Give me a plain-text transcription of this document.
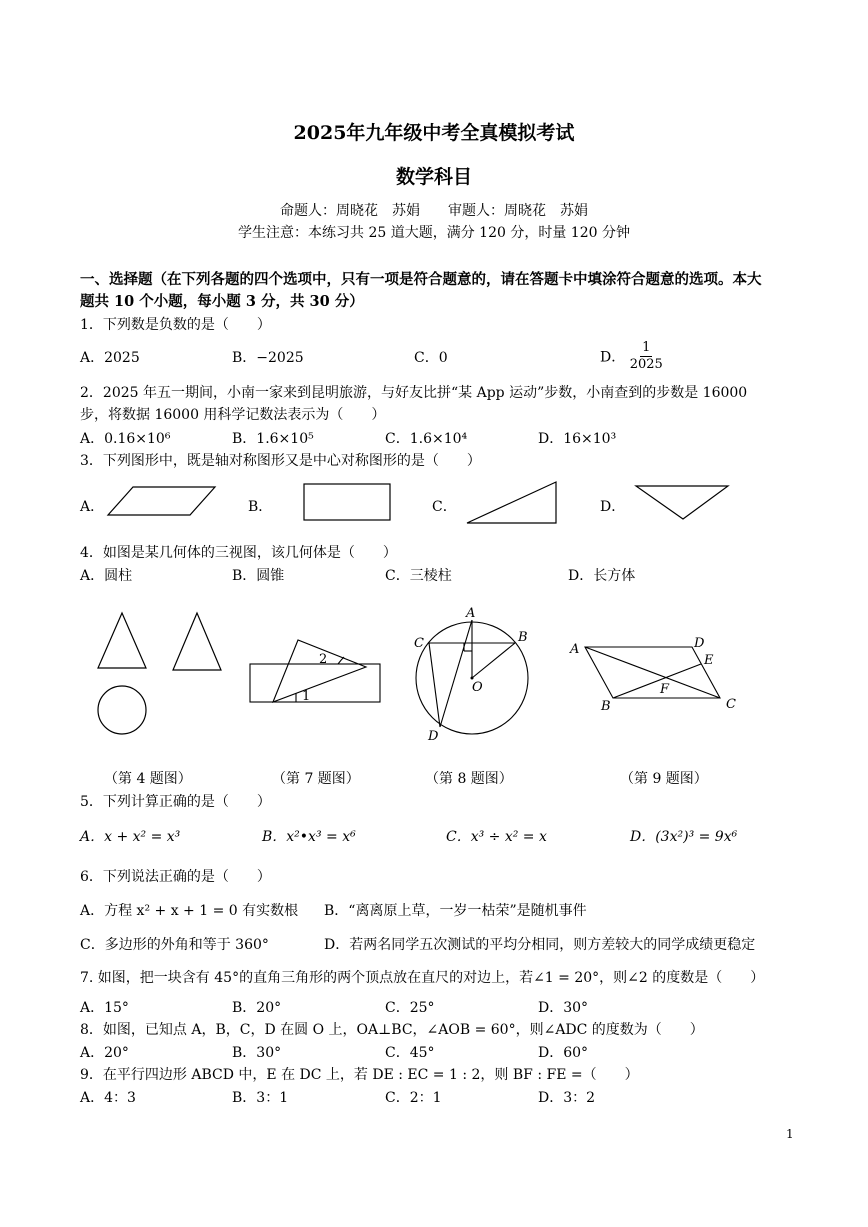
2025年九年级中考全真模拟考试
数学科目
命题人：周晓花　苏娟　　审题人：周晓花　苏娟
学生注意：本练习共 25 道大题，满分 120 分，时量 120 分钟
一、选择题（在下列各题的四个选项中，只有一项是符合题意的，请在答题卡中填涂符合题意的选项。本大
题共 10 个小题，每小题 3 分，共 30 分）
1．下列数是负数的是（　　）
A．2025	B．−2025	C．0	D． $\frac{1}{2025}$
2．2025 年五一期间，小南一家来到昆明旅游，与好友比拼“某 App 运动”步数，小南查到的步数是 16000
步，将数据 16000 用科学记数法表示为（　　）
A．0.16×10⁶	B．1.6×10⁵	C．1.6×10⁴	D．16×10³
3．下列图形中，既是轴对称图形又是中心对称图形的是（　　）
A．	B．	C．	D．
4．如图是某几何体的三视图，该几何体是（　　）
A．圆柱	B．圆锥	C．三棱柱	D．长方体
2
1
A
B
C
D
O
A	D
E
F
B	C
（第 4 题图）	（第 7 题图）	（第 8 题图）	（第 9 题图）
5．下列计算正确的是（　　）
A．x + x² = x³	B．x²•x³ = x⁶	C．x³ ÷ x² = x	D．(3x²)³ = 9x⁶
6．下列说法正确的是（　　）
A．方程 x² + x + 1 = 0 有实数根 B．“离离原上草，一岁一枯荣”是随机事件
C．多边形的外角和等于 360°	D．若两名同学五次测试的平均分相同，则方差较大的同学成绩更稳定
7. 如图，把一块含有 45°的直角三角形的两个顶点放在直尺的对边上，若∠1 = 20°，则∠2 的度数是（　　）
A．15°	B．20°	C．25°	D．30°
8．如图，已知点 A，B，C，D 在圆 O 上，OA⊥BC，∠AOB = 60°，则∠ADC 的度数为（　　）
A．20°	B．30°	C．45°	D．60°
9．在平行四边形 ABCD 中，E 在 DC 上，若 DE : EC = 1 : 2，则 BF : FE =（　　）
A．4：3	B．3：1	C．2：1	D．3：2
1
